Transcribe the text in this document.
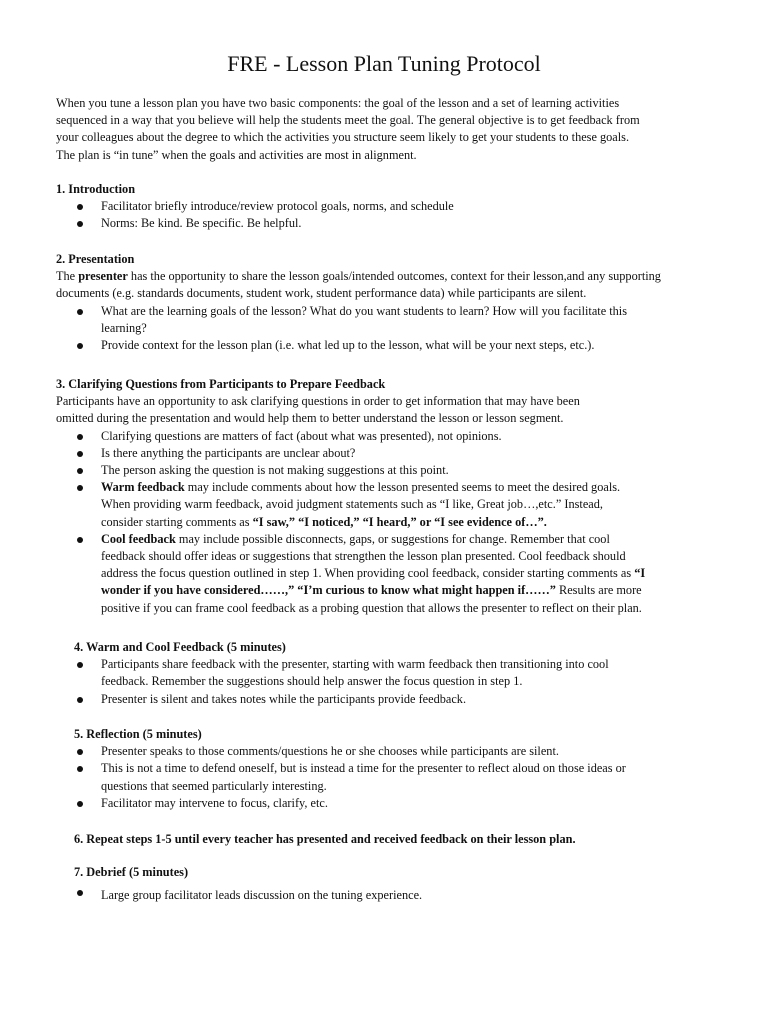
FRE - Lesson Plan Tuning Protocol

When you tune a lesson plan you have two basic components: the goal of the lesson and a set of learning activities

sequenced in a way that you believe will help the students meet the goal. The general objective is to get feedback from

your colleagues about the degree to which the activities you structure seem likely to get your students to these goals.

The plan is “in tune” when the goals and activities are most in alignment.

1. Introduction

Facilitator briefly introduce/review protocol goals, norms, and schedule
Norms: Be kind. Be specific. Be helpful.

2. Presentation

The presenter has the opportunity to share the lesson goals/intended outcomes, context for their lesson,and any supporting

documents (e.g. standards documents, student work, student performance data) while participants are silent.

What are the learning goals of the lesson? What do you want students to learn? How will you facilitate this
learning?
Provide context for the lesson plan (i.e. what led up to the lesson, what will be your next steps, etc.).

3. Clarifying Questions from Participants to Prepare Feedback

Participants have an opportunity to ask clarifying questions in order to get information that may have been

omitted during the presentation and would help them to better understand the lesson or lesson segment.

Clarifying questions are matters of fact (about what was presented), not opinions.
Is there anything the participants are unclear about?
The person asking the question is not making suggestions at this point.
Warm feedback may include comments about how the lesson presented seems to meet the desired goals.
When providing warm feedback, avoid judgment statements such as “I like, Great job…,etc.” Instead,
consider starting comments as “I saw,” “I noticed,” “I heard,” or “I see evidence of…”.
Cool feedback may include possible disconnects, gaps, or suggestions for change. Remember that cool
feedback should offer ideas or suggestions that strengthen the lesson plan presented. Cool feedback should
address the focus question outlined in step 1. When providing cool feedback, consider starting comments as “I
wonder if you have considered……,” “I’m curious to know what might happen if……” Results are more
positive if you can frame cool feedback as a probing question that allows the presenter to reflect on their plan.

4. Warm and Cool Feedback (5 minutes)

Participants share feedback with the presenter, starting with warm feedback then transitioning into cool
feedback. Remember the suggestions should help answer the focus question in step 1.
Presenter is silent and takes notes while the participants provide feedback.

5. Reflection (5 minutes)

Presenter speaks to those comments/questions he or she chooses while participants are silent.
This is not a time to defend oneself, but is instead a time for the presenter to reflect aloud on those ideas or
questions that seemed particularly interesting.
Facilitator may intervene to focus, clarify, etc.

6. Repeat steps 1-5 until every teacher has presented and received feedback on their lesson plan.

7. Debrief (5 minutes)

Large group facilitator leads discussion on the tuning experience.
